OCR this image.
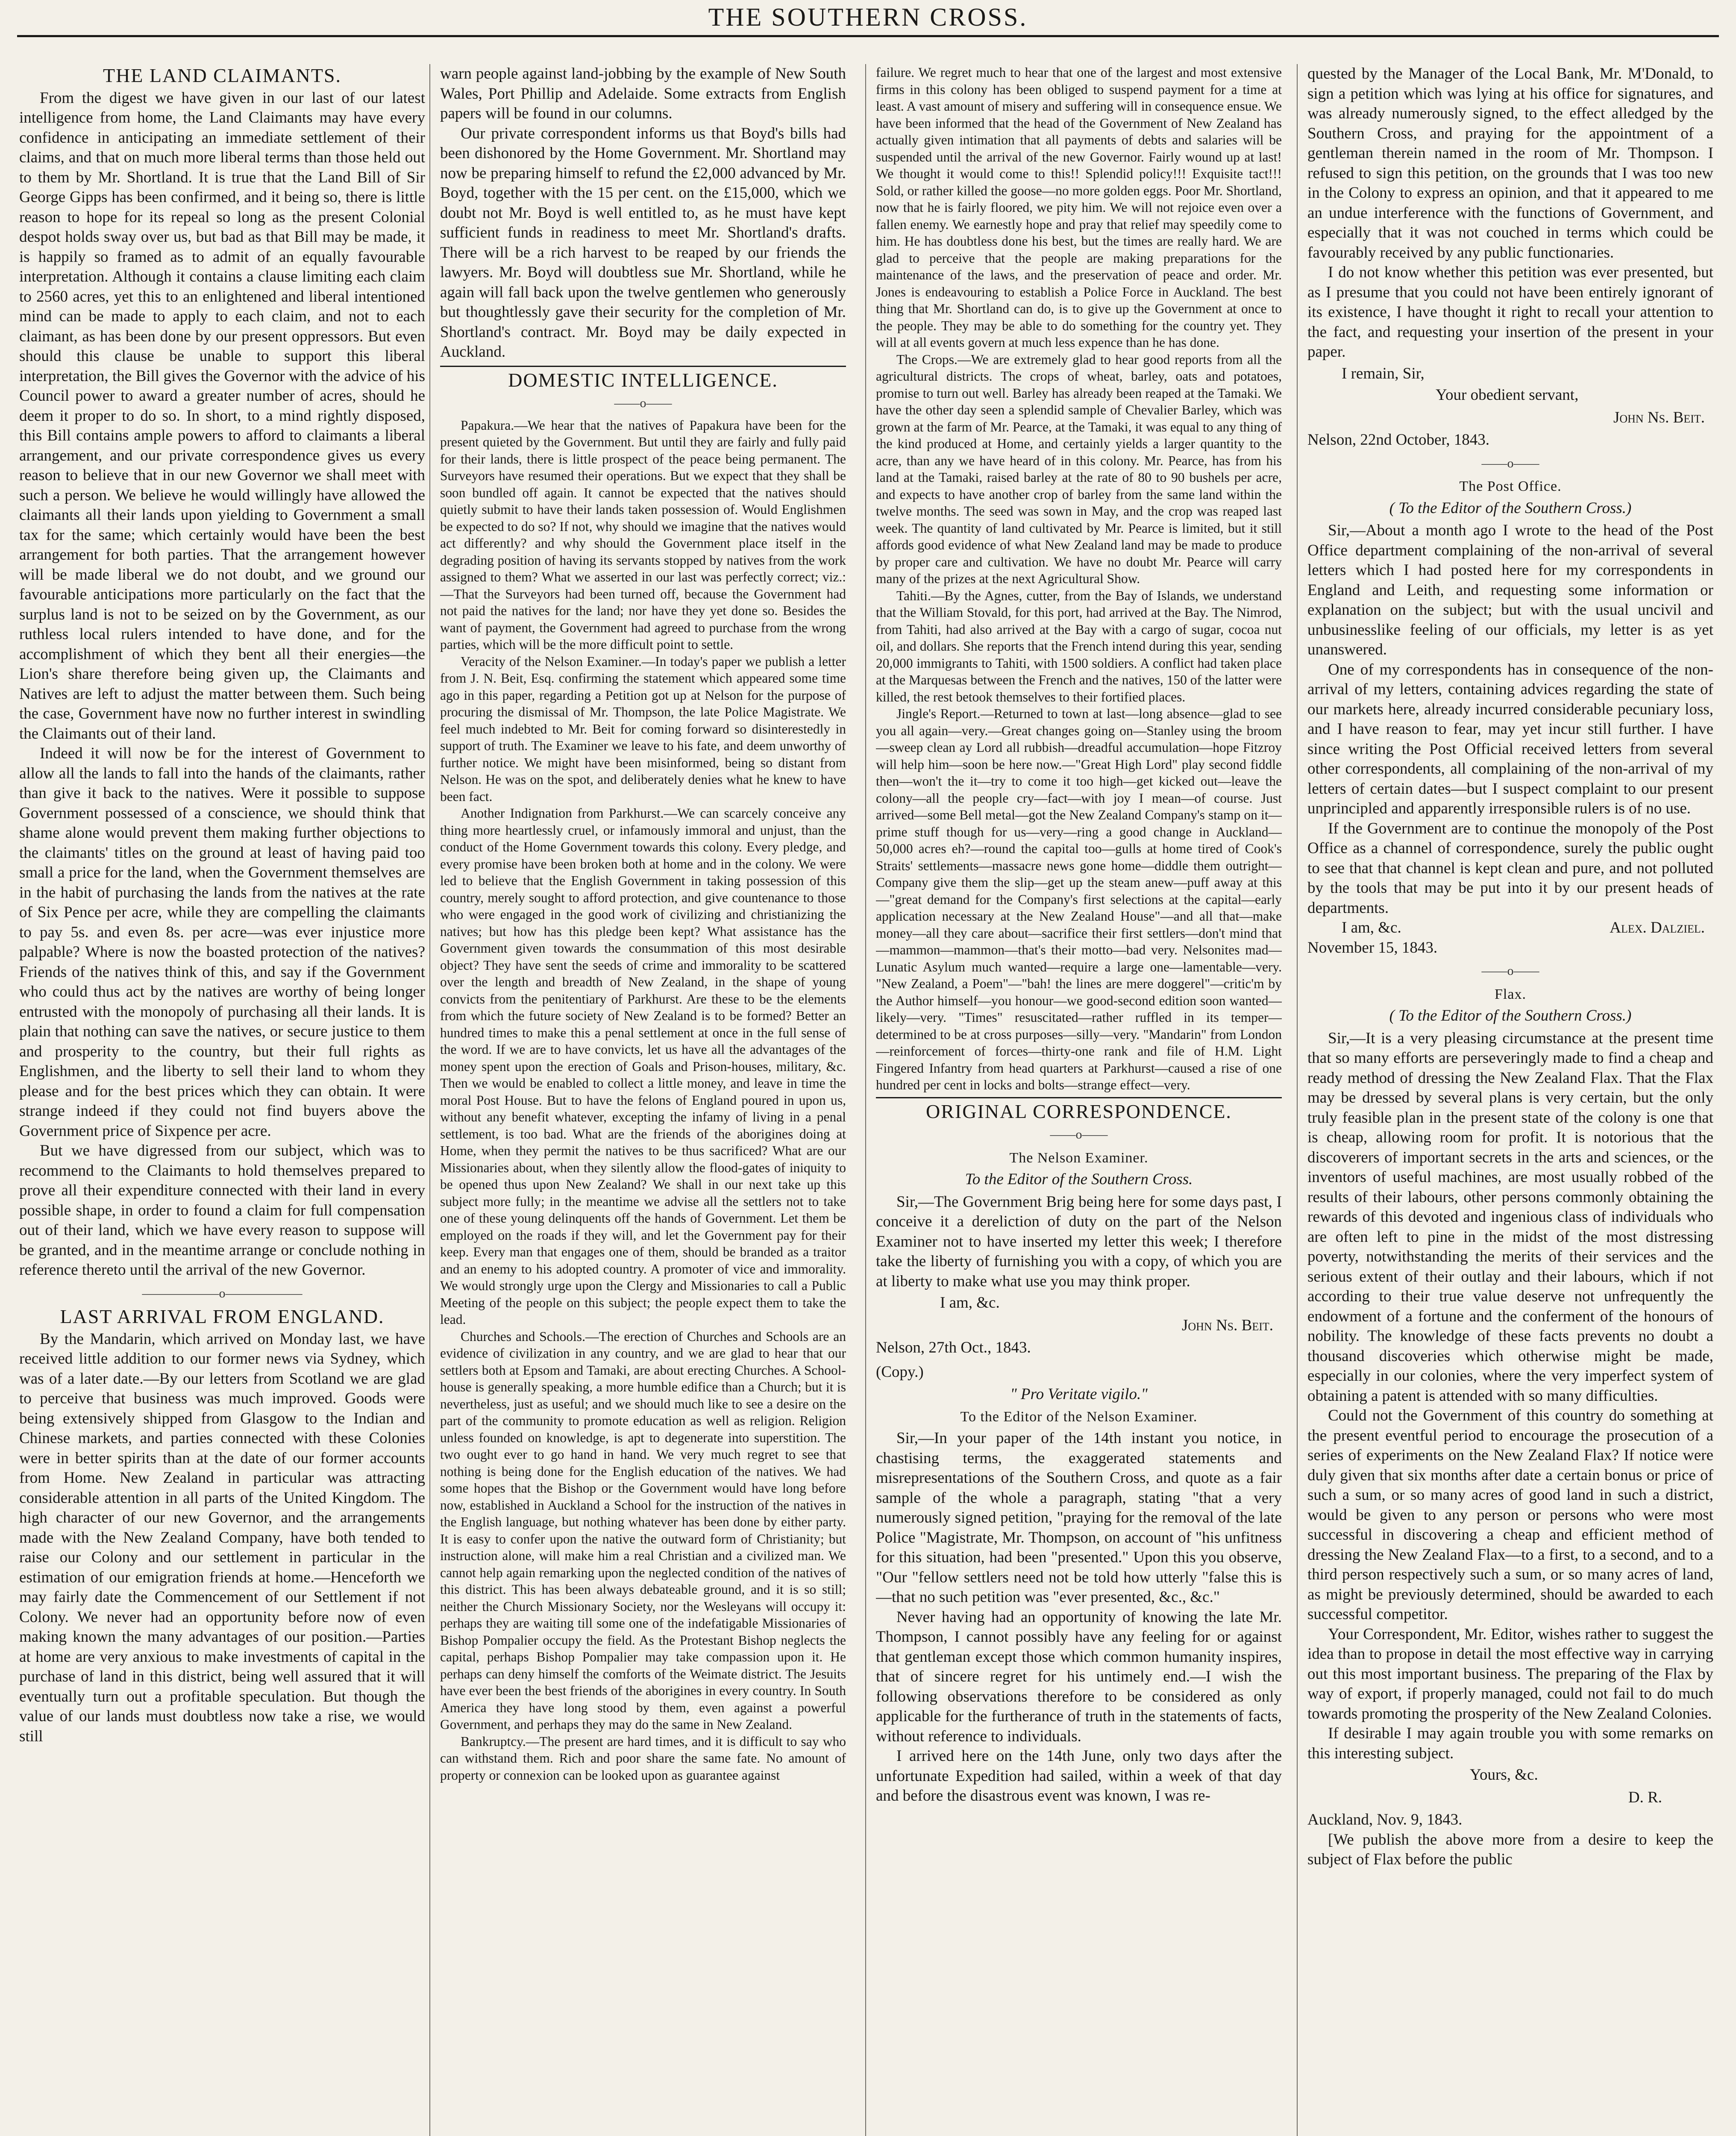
THE SOUTHERN CROSS.
THE LAND CLAIMANTS.

From the digest we have given in our last of our latest intelligence from home, the Land Claimants may have every confidence in anticipating an immediate settlement of their claims, and that on much more liberal terms than those held out to them by Mr. Shortland. It is true that the Land Bill of Sir George Gipps has been confirmed, and it being so, there is little reason to hope for its repeal so long as the present Colonial despot holds sway over us, but bad as that Bill may be made, it is happily so framed as to admit of an equally favourable interpretation. Although it contains a clause limiting each claim to 2560 acres, yet this to an enlightened and liberal intentioned mind can be made to apply to each claim, and not to each claimant, as has been done by our present oppressors. But even should this clause be unable to support this liberal interpretation, the Bill gives the Governor with the advice of his Council power to award a greater number of acres, should he deem it proper to do so. In short, to a mind rightly disposed, this Bill contains ample powers to afford to claimants a liberal arrangement, and our private correspondence gives us every reason to believe that in our new Governor we shall meet with such a person. We believe he would willingly have allowed the claimants all their lands upon yielding to Government a small tax for the same; which certainly would have been the best arrangement for both parties. That the arrangement however will be made liberal we do not doubt, and we ground our favourable anticipations more particularly on the fact that the surplus land is not to be seized on by the Government, as our ruthless local rulers intended to have done, and for the accomplishment of which they bent all their energies—the Lion's share therefore being given up, the Claimants and Natives are left to adjust the matter between them. Such being the case, Government have now no further interest in swindling the Claimants out of their land.

Indeed it will now be for the interest of Government to allow all the lands to fall into the hands of the claimants, rather than give it back to the natives. Were it possible to suppose Government possessed of a conscience, we should think that shame alone would prevent them making further objections to the claimants' titles on the ground at least of having paid too small a price for the land, when the Government themselves are in the habit of purchasing the lands from the natives at the rate of Six Pence per acre, while they are compelling the claimants to pay 5s. and even 8s. per acre—was ever injustice more palpable? Where is now the boasted protection of the natives? Friends of the natives think of this, and say if the Government who could thus act by the natives are worthy of being longer entrusted with the monopoly of purchasing all their lands. It is plain that nothing can save the natives, or secure justice to them and prosperity to the country, but their full rights as Englishmen, and the liberty to sell their land to whom they please and for the best prices which they can obtain. It were strange indeed if they could not find buyers above the Government price of Sixpence per acre.

But we have digressed from our subject, which was to recommend to the Claimants to hold themselves prepared to prove all their expenditure connected with their land in every possible shape, in order to found a claim for full compensation out of their land, which we have every reason to suppose will be granted, and in the meantime arrange or conclude nothing in reference thereto until the arrival of the new Governor.

——————o——————
LAST ARRIVAL FROM ENGLAND.

By the Mandarin, which arrived on Monday last, we have received little addition to our former news via Sydney, which was of a later date.—By our letters from Scotland we are glad to perceive that business was much improved. Goods were being extensively shipped from Glasgow to the Indian and Chinese markets, and parties connected with these Colonies were in better spirits than at the date of our former accounts from Home. New Zealand in particular was attracting considerable attention in all parts of the United Kingdom. The high character of our new Governor, and the arrangements made with the New Zealand Company, have both tended to raise our Colony and our settlement in particular in the estimation of our emigration friends at home.—Henceforth we may fairly date the Commencement of our Settlement if not Colony. We never had an opportunity before now of even making known the many advantages of our position.—Parties at home are very anxious to make investments of capital in the purchase of land in this district, being well assured that it will eventually turn out a profitable speculation. But though the value of our lands must doubtless now take a rise, we would still

warn people against land-jobbing by the example of New South Wales, Port Phillip and Adelaide. Some extracts from English papers will be found in our columns.

Our private correspondent informs us that Boyd's bills had been dishonored by the Home Government. Mr. Shortland may now be preparing himself to refund the £2,000 advanced by Mr. Boyd, together with the 15 per cent. on the £15,000, which we doubt not Mr. Boyd is well entitled to, as he must have kept sufficient funds in readiness to meet Mr. Shortland's drafts. There will be a rich harvest to be reaped by our friends the lawyers. Mr. Boyd will doubtless sue Mr. Shortland, while he again will fall back upon the twelve gentlemen who generously but thoughtlessly gave their security for the completion of Mr. Shortland's contract. Mr. Boyd may be daily expected in Auckland.

DOMESTIC INTELLIGENCE.
——o——

Papakura.—We hear that the natives of Papakura have been for the present quieted by the Government. But until they are fairly and fully paid for their lands, there is little prospect of the peace being permanent. The Surveyors have resumed their operations. But we expect that they shall be soon bundled off again. It cannot be expected that the natives should quietly submit to have their lands taken possession of. Would Englishmen be expected to do so? If not, why should we imagine that the natives would act differently? and why should the Government place itself in the degrading position of having its servants stopped by natives from the work assigned to them? What we asserted in our last was perfectly correct; viz.:—That the Surveyors had been turned off, because the Government had not paid the natives for the land; nor have they yet done so. Besides the want of payment, the Government had agreed to purchase from the wrong parties, which will be the more difficult point to settle.

Veracity of the Nelson Examiner.—In today's paper we publish a letter from J. N. Beit, Esq. confirming the statement which appeared some time ago in this paper, regarding a Petition got up at Nelson for the purpose of procuring the dismissal of Mr. Thompson, the late Police Magistrate. We feel much indebted to Mr. Beit for coming forward so disinterestedly in support of truth. The Examiner we leave to his fate, and deem unworthy of further notice. We might have been misinformed, being so distant from Nelson. He was on the spot, and deliberately denies what he knew to have been fact.

Another Indignation from Parkhurst.—We can scarcely conceive any thing more heartlessly cruel, or infamously immoral and unjust, than the conduct of the Home Government towards this colony. Every pledge, and every promise have been broken both at home and in the colony. We were led to believe that the English Government in taking possession of this country, merely sought to afford protection, and give countenance to those who were engaged in the good work of civilizing and christianizing the natives; but how has this pledge been kept? What assistance has the Government given towards the consummation of this most desirable object? They have sent the seeds of crime and immorality to be scattered over the length and breadth of New Zealand, in the shape of young convicts from the penitentiary of Parkhurst. Are these to be the elements from which the future society of New Zealand is to be formed? Better an hundred times to make this a penal settlement at once in the full sense of the word. If we are to have convicts, let us have all the advantages of the money spent upon the erection of Goals and Prison-houses, military, &c. Then we would be enabled to collect a little money, and leave in time the moral Post House. But to have the felons of England poured in upon us, without any benefit whatever, excepting the infamy of living in a penal settlement, is too bad. What are the friends of the aborigines doing at Home, when they permit the natives to be thus sacrificed? What are our Missionaries about, when they silently allow the flood-gates of iniquity to be opened thus upon New Zealand? We shall in our next take up this subject more fully; in the meantime we advise all the settlers not to take one of these young delinquents off the hands of Government. Let them be employed on the roads if they will, and let the Government pay for their keep. Every man that engages one of them, should be branded as a traitor and an enemy to his adopted country. A promoter of vice and immorality. We would strongly urge upon the Clergy and Missionaries to call a Public Meeting of the people on this subject; the people expect them to take the lead.

Churches and Schools.—The erection of Churches and Schools are an evidence of civilization in any country, and we are glad to hear that our settlers both at Epsom and Tamaki, are about erecting Churches. A School-house is generally speaking, a more humble edifice than a Church; but it is nevertheless, just as useful; and we should much like to see a desire on the part of the community to promote education as well as religion. Religion unless founded on knowledge, is apt to degenerate into superstition. The two ought ever to go hand in hand. We very much regret to see that nothing is being done for the English education of the natives. We had some hopes that the Bishop or the Government would have long before now, established in Auckland a School for the instruction of the natives in the English language, but nothing whatever has been done by either party. It is easy to confer upon the native the outward form of Christianity; but instruction alone, will make him a real Christian and a civilized man. We cannot help again remarking upon the neglected condition of the natives of this district. This has been always debateable ground, and it is so still; neither the Church Missionary Society, nor the Wesleyans will occupy it: perhaps they are waiting till some one of the indefatigable Missionaries of Bishop Pompalier occupy the field. As the Protestant Bishop neglects the capital, perhaps Bishop Pompalier may take compassion upon it. He perhaps can deny himself the comforts of the Weimate district. The Jesuits have ever been the best friends of the aborigines in every country. In South America they have long stood by them, even against a powerful Government, and perhaps they may do the same in New Zealand.

Bankruptcy.—The present are hard times, and it is difficult to say who can withstand them. Rich and poor share the same fate. No amount of property or connexion can be looked upon as guarantee against

failure. We regret much to hear that one of the largest and most extensive firms in this colony has been obliged to suspend payment for a time at least. A vast amount of misery and suffering will in consequence ensue. We have been informed that the head of the Government of New Zealand has actually given intimation that all payments of debts and salaries will be suspended until the arrival of the new Governor. Fairly wound up at last! We thought it would come to this!! Splendid policy!!! Exquisite tact!!! Sold, or rather killed the goose—no more golden eggs. Poor Mr. Shortland, now that he is fairly floored, we pity him. We will not rejoice even over a fallen enemy. We earnestly hope and pray that relief may speedily come to him. He has doubtless done his best, but the times are really hard. We are glad to perceive that the people are making preparations for the maintenance of the laws, and the preservation of peace and order. Mr. Jones is endeavouring to establish a Police Force in Auckland. The best thing that Mr. Shortland can do, is to give up the Government at once to the people. They may be able to do something for the country yet. They will at all events govern at much less expence than he has done.

The Crops.—We are extremely glad to hear good reports from all the agricultural districts. The crops of wheat, barley, oats and potatoes, promise to turn out well. Barley has already been reaped at the Tamaki. We have the other day seen a splendid sample of Chevalier Barley, which was grown at the farm of Mr. Pearce, at the Tamaki, it was equal to any thing of the kind produced at Home, and certainly yields a larger quantity to the acre, than any we have heard of in this colony. Mr. Pearce, has from his land at the Tamaki, raised barley at the rate of 80 to 90 bushels per acre, and expects to have another crop of barley from the same land within the twelve months. The seed was sown in May, and the crop was reaped last week. The quantity of land cultivated by Mr. Pearce is limited, but it still affords good evidence of what New Zealand land may be made to produce by proper care and cultivation. We have no doubt Mr. Pearce will carry many of the prizes at the next Agricultural Show.

Tahiti.—By the Agnes, cutter, from the Bay of Islands, we understand that the William Stovald, for this port, had arrived at the Bay. The Nimrod, from Tahiti, had also arrived at the Bay with a cargo of sugar, cocoa nut oil, and dollars. She reports that the French intend during this year, sending 20,000 immigrants to Tahiti, with 1500 soldiers. A conflict had taken place at the Marquesas between the French and the natives, 150 of the latter were killed, the rest betook themselves to their fortified places.

Jingle's Report.—Returned to town at last—long absence—glad to see you all again—very.—Great changes going on—Stanley using the broom—sweep clean ay Lord all rubbish—dreadful accumulation—hope Fitzroy will help him—soon be here now.—"Great High Lord" play second fiddle then—won't the it—try to come it too high—get kicked out—leave the colony—all the people cry—fact—with joy I mean—of course. Just arrived—some Bell metal—got the New Zealand Company's stamp on it—prime stuff though for us—very—ring a good change in Auckland—50,000 acres eh?—round the capital too—gulls at home tired of Cook's Straits' settlements—massacre news gone home—diddle them outright—Company give them the slip—get up the steam anew—puff away at this—"great demand for the Company's first selections at the capital—early application necessary at the New Zealand House"—and all that—make money—all they care about—sacrifice their first settlers—don't mind that—mammon—mammon—that's their motto—bad very. Nelsonites mad—Lunatic Asylum much wanted—require a large one—lamentable—very. "New Zealand, a Poem"—"bah! the lines are mere doggerel"—critic'm by the Author himself—you honour—we good-second edition soon wanted—likely—very. "Times" resuscitated—rather ruffled in its temper—determined to be at cross purposes—silly—very. "Mandarin" from London—reinforcement of forces—thirty-one rank and file of H.M. Light Fingered Infantry from head quarters at Parkhurst—caused a rise of one hundred per cent in locks and bolts—strange effect—very.

ORIGINAL CORRESPONDENCE.
——o——
The Nelson Examiner.
To the Editor of the Southern Cross.

Sir,—The Government Brig being here for some days past, I conceive it a dereliction of duty on the part of the Nelson Examiner not to have inserted my letter this week; I therefore take the liberty of furnishing you with a copy, of which you are at liberty to make what use you may think proper.

I am, &c.
John Ns. Beit.
Nelson, 27th Oct., 1843.
(Copy.)
" Pro Veritate vigilo."
To the Editor of the Nelson Examiner.

Sir,—In your paper of the 14th instant you notice, in chastising terms, the exaggerated statements and misrepresentations of the Southern Cross, and quote as a fair sample of the whole a paragraph, stating "that a very numerously signed petition, "praying for the removal of the late Police "Magistrate, Mr. Thompson, on account of "his unfitness for this situation, had been "presented." Upon this you observe, "Our "fellow settlers need not be told how utterly "false this is—that no such petition was "ever presented, &c., &c."

Never having had an opportunity of knowing the late Mr. Thompson, I cannot possibly have any feeling for or against that gentleman except those which common humanity inspires, that of sincere regret for his untimely end.—I wish the following observations therefore to be considered as only applicable for the furtherance of truth in the statements of facts, without reference to individuals.

I arrived here on the 14th June, only two days after the unfortunate Expedition had sailed, within a week of that day and before the disastrous event was known, I was re-

quested by the Manager of the Local Bank, Mr. M'Donald, to sign a petition which was lying at his office for signatures, and was already numerously signed, to the effect alledged by the Southern Cross, and praying for the appointment of a gentleman therein named in the room of Mr. Thompson. I refused to sign this petition, on the grounds that I was too new in the Colony to express an opinion, and that it appeared to me an undue interference with the functions of Government, and especially that it was not couched in terms which could be favourably received by any public functionaries.

I do not know whether this petition was ever presented, but as I presume that you could not have been entirely ignorant of its existence, I have thought it right to recall your attention to the fact, and requesting your insertion of the present in your paper.

I remain, Sir,
Your obedient servant,
John Ns. Beit.
Nelson, 22nd October, 1843.
——o——
The Post Office.
( To the Editor of the Southern Cross.)

Sir,—About a month ago I wrote to the head of the Post Office department complaining of the non-arrival of several letters which I had posted here for my correspondents in England and Leith, and requesting some information or explanation on the subject; but with the usual uncivil and unbusinesslike feeling of our officials, my letter is as yet unanswered.

One of my correspondents has in consequence of the non-arrival of my letters, containing advices regarding the state of our markets here, already incurred considerable pecuniary loss, and I have reason to fear, may yet incur still further. I have since writing the Post Official received letters from several other correspondents, all complaining of the non-arrival of my letters of certain dates—but I suspect complaint to our present unprincipled and apparently irresponsible rulers is of no use.

If the Government are to continue the monopoly of the Post Office as a channel of correspondence, surely the public ought to see that that channel is kept clean and pure, and not polluted by the tools that may be put into it by our present heads of departments.

I am, &c.	Alex. Dalziel.
November 15, 1843.
——o——
Flax.
( To the Editor of the Southern Cross.)

Sir,—It is a very pleasing circumstance at the present time that so many efforts are perseveringly made to find a cheap and ready method of dressing the New Zealand Flax. That the Flax may be dressed by several plans is very certain, but the only truly feasible plan in the present state of the colony is one that is cheap, allowing room for profit. It is notorious that the discoverers of important secrets in the arts and sciences, or the inventors of useful machines, are most usually robbed of the results of their labours, other persons commonly obtaining the rewards of this devoted and ingenious class of individuals who are often left to pine in the midst of the most distressing poverty, notwithstanding the merits of their services and the serious extent of their outlay and their labours, which if not according to their true value deserve not unfrequently the endowment of a fortune and the conferment of the honours of nobility. The knowledge of these facts prevents no doubt a thousand discoveries which otherwise might be made, especially in our colonies, where the very imperfect system of obtaining a patent is attended with so many difficulties.

Could not the Government of this country do something at the present eventful period to encourage the prosecution of a series of experiments on the New Zealand Flax? If notice were duly given that six months after date a certain bonus or price of such a sum, or so many acres of good land in such a district, would be given to any person or persons who were most successful in discovering a cheap and efficient method of dressing the New Zealand Flax—to a first, to a second, and to a third person respectively such a sum, or so many acres of land, as might be previously determined, should be awarded to each successful competitor.

Your Correspondent, Mr. Editor, wishes rather to suggest the idea than to propose in detail the most effective way in carrying out this most important business. The preparing of the Flax by way of export, if properly managed, could not fail to do much towards promoting the prosperity of the New Zealand Colonies.

If desirable I may again trouble you with some remarks on this interesting subject.

Yours, &c.
D. R.
Auckland, Nov. 9, 1843.

[We publish the above more from a desire to keep the subject of Flax before the public
